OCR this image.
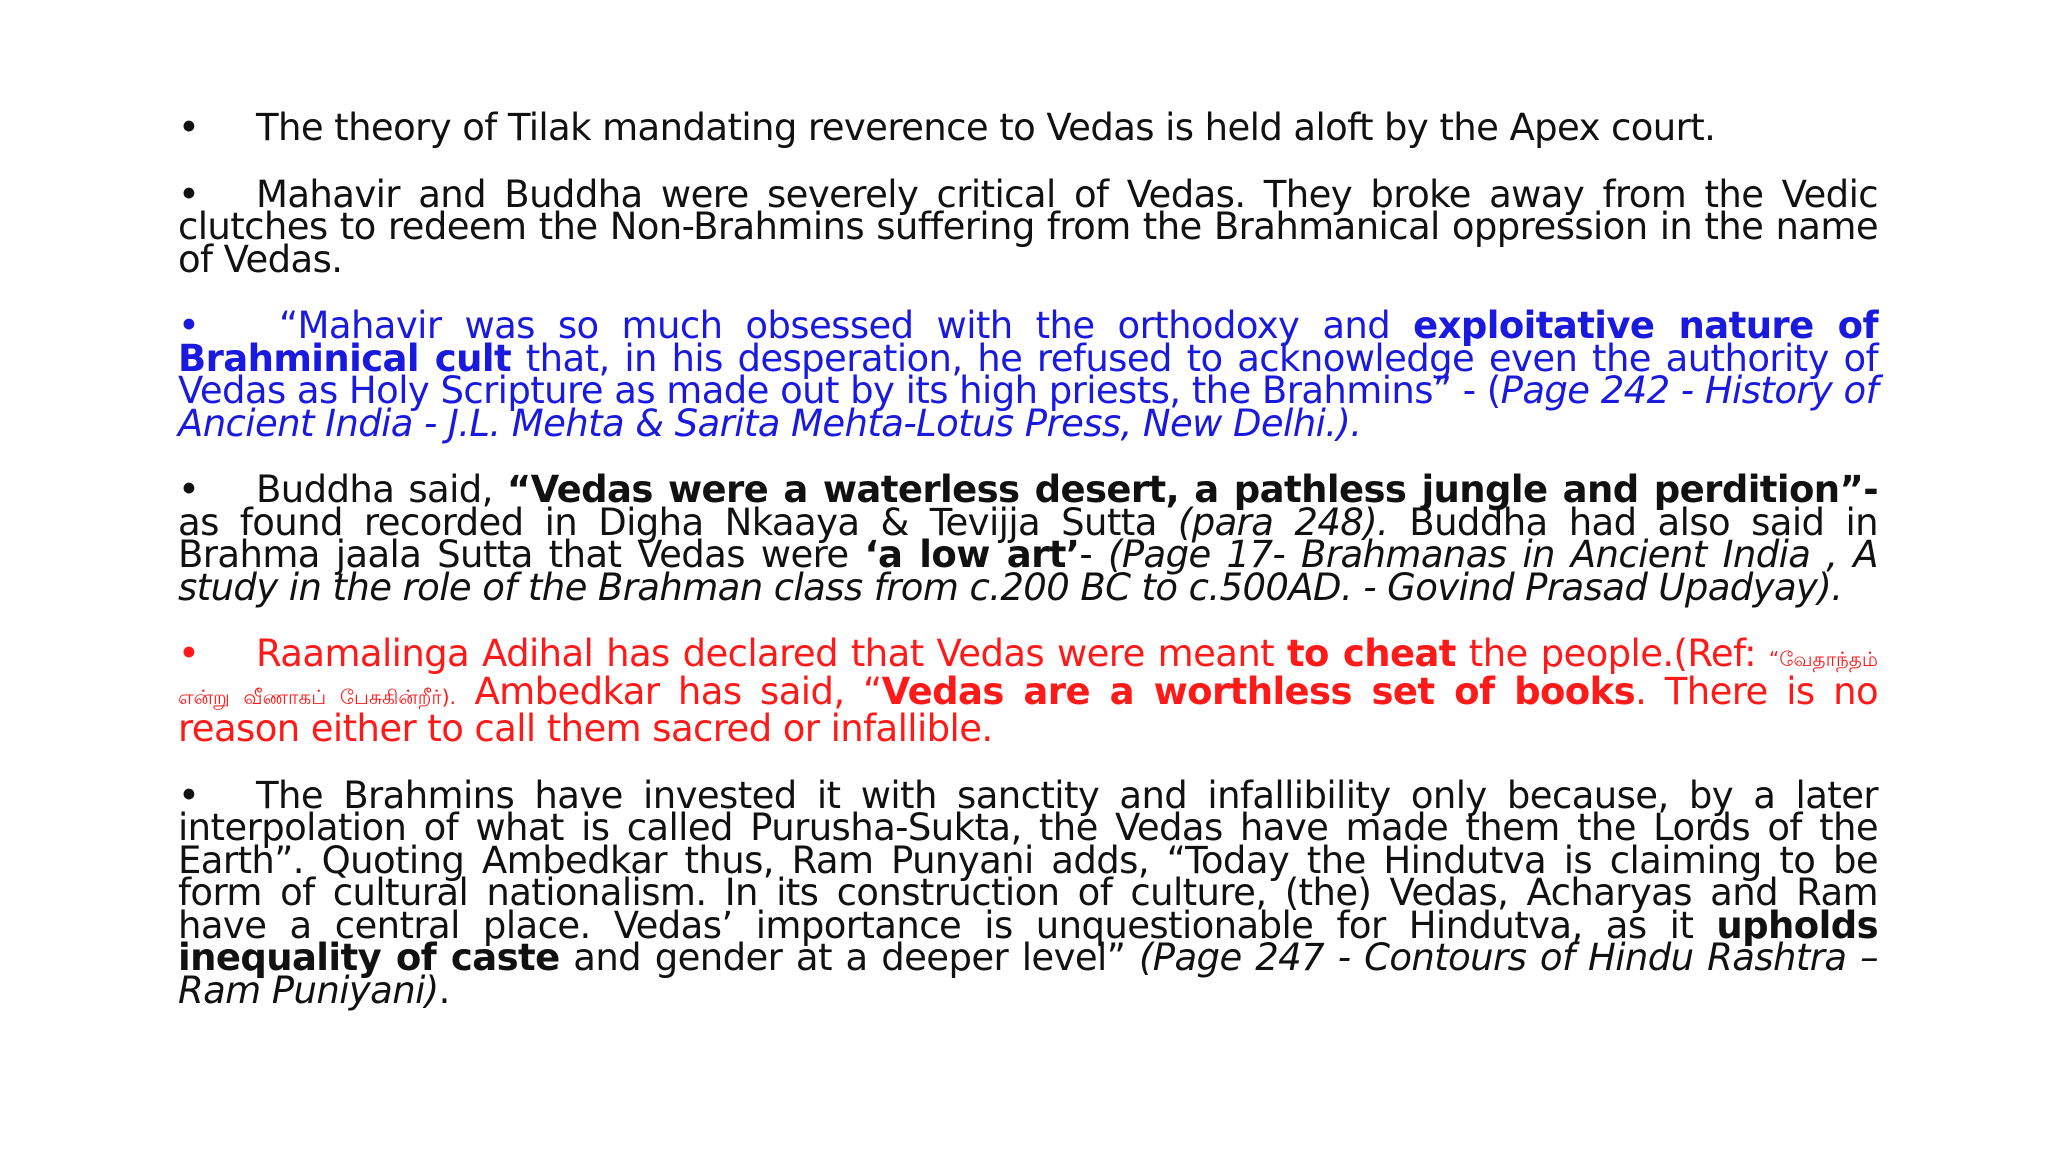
• The theory of Tilak mandating reverence to Vedas is held aloft by the Apex court.

• Mahavir and Buddha were severely critical of Vedas. They broke away from the Vedic clutches to redeem the Non-Brahmins suffering from the Brahmanical oppression in the name of Vedas.

• “Mahavir was so much obsessed with the orthodoxy and exploitative nature of Brahminical cult that, in his desperation, he refused to acknowledge even the authority of Vedas as Holy Scripture as made out by its high priests, the Brahmins” - (Page 242 - History of Ancient India - J.L. Mehta & Sarita Mehta-Lotus Press, New Delhi.).

• Buddha said, “Vedas were a waterless desert, a pathless jungle and perdition”- as found recorded in Digha Nkaaya & Tevijja Sutta (para 248). Buddha had also said in Brahma jaala Sutta that Vedas were ‘a low art’- (Page 17- Brahmanas in Ancient India , A study in the role of the Brahman class from c.200 BC to c.500AD. - Govind Prasad Upadyay).

• Raamalinga Adihal has declared that Vedas were meant to cheat the people.(Ref: “வேதாந்தம் என்று வீணாகப் பேசுகின்றீர்). Ambedkar has said, “Vedas are a worthless set of books. There is no reason either to call them sacred or infallible.

• The Brahmins have invested it with sanctity and infallibility only because, by a later interpolation of what is called Purusha-Sukta, the Vedas have made them the Lords of the Earth”. Quoting Ambedkar thus, Ram Punyani adds, “Today the Hindutva is claiming to be form of cultural nationalism. In its construction of culture, (the) Vedas, Acharyas and Ram have a central place. Vedas’ importance is unquestionable for Hindutva, as it upholds inequality of caste and gender at a deeper level” (Page 247 - Contours of Hindu Rashtra –Ram Puniyani).
